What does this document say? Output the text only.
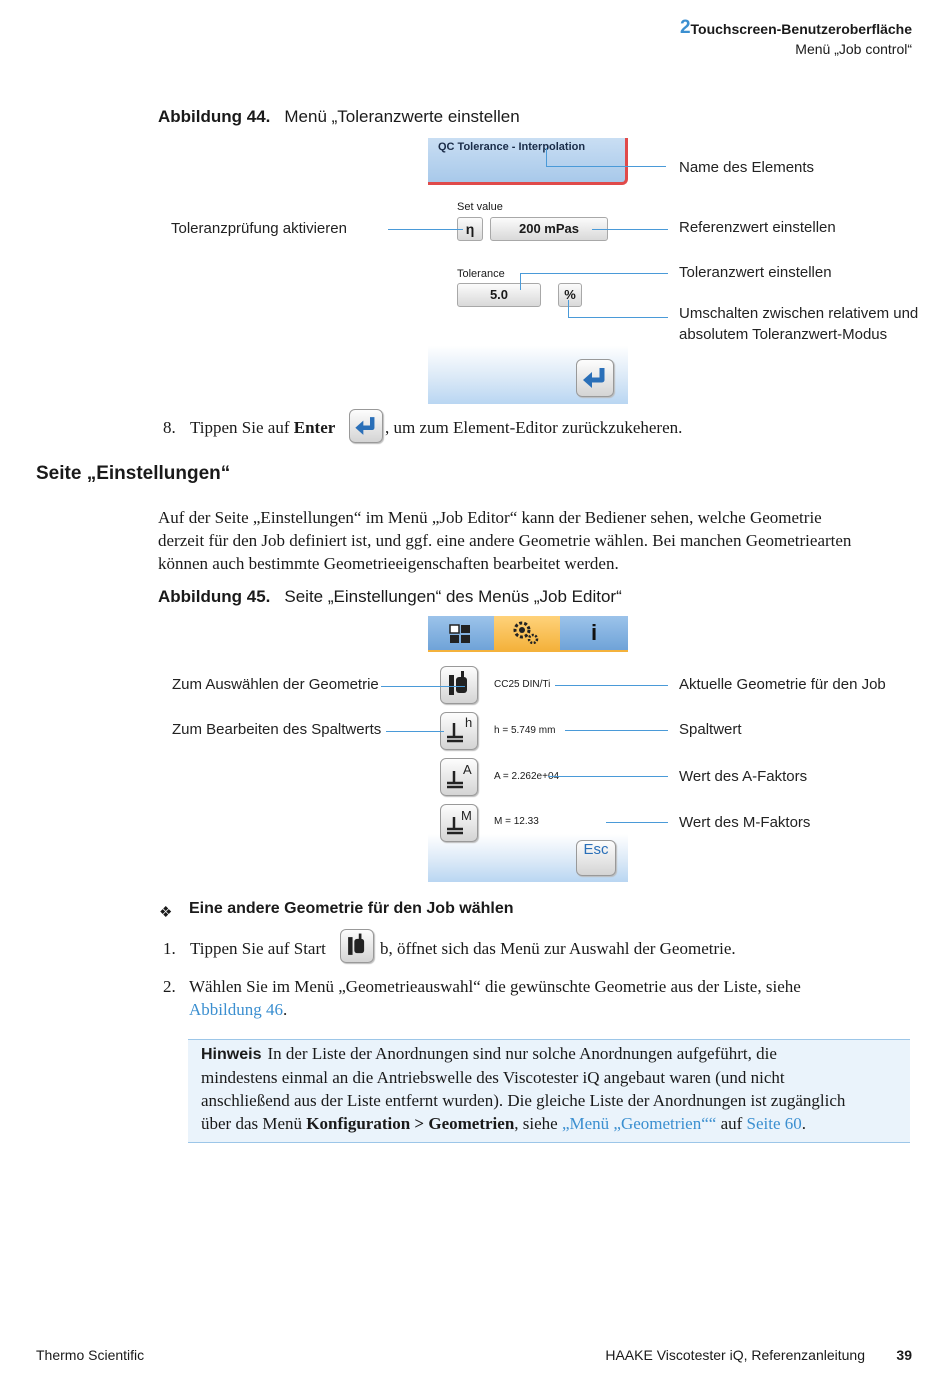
2 Touchscreen-Benutzeroberfläche
Menü „Job control“
Abbildung 44. Menü „Toleranzwerte einstellen
QC Tolerance - Interpolation
Set value
η	200 mPas
Tolerance
5.0	%
Name des Elements
Toleranzprüfung aktivieren	Referenzwert einstellen
Toleranzwert einstellen
Umschalten zwischen relativem und
absolutem Toleranzwert-Modus
8. Tippen Sie auf Enter	, um zum Element-Editor zurückzukeheren.
Seite „Einstellungen“
Auf der Seite „Einstellungen“ im Menü „Job Editor“ kann der Bediener sehen, welche Geometrie
derzeit für den Job definiert ist, und ggf. eine andere Geometrie wählen. Bei manchen Geometriearten
können auch bestimmte Geometrieeigenschaften bearbeitet werden.
Abbildung 45. Seite „Einstellungen“ des Menüs „Job Editor“
i
CC25 DIN/Ti
h
h = 5.749 mm
A A = 2.262e+04
M M = 12.33
Esc
Zum Auswählen der Geometrie
Zum Bearbeiten des Spaltwerts
Aktuelle Geometrie für den Job
Spaltwert
Wert des A-Faktors
Wert des M-Faktors
❖ Eine andere Geometrie für den Job wählen
1. Tippen Sie auf Start	b, öffnet sich das Menü zur Auswahl der Geometrie.
2. Wählen Sie im Menü „Geometrieauswahl“ die gewünschte Geometrie aus der Liste, siehe
Abbildung 46.
Hinweis In der Liste der Anordnungen sind nur solche Anordnungen aufgeführt, die
mindestens einmal an die Antriebswelle des Viscotester iQ angebaut waren (und nicht
anschließend aus der Liste entfernt wurden). Die gleiche Liste der Anordnungen ist zugänglich
über das Menü Konfiguration > Geometrien, siehe „Menü „Geometrien““ auf Seite 60.
Thermo Scientific	HAAKE Viscotester iQ, Referenzanleitung 39
